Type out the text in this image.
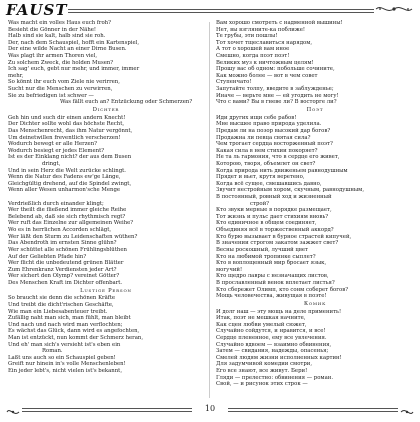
FAUST
Was macht ein volles Haus euch froh?
Besieht die Gönner in der Nähe!
Halb sind sie kalt, halb sind sie roh.
Der, nach dem Schauspiel, hofft ein Kartenspiel,
Der eine wilde Nacht an einer Dirne Busen.
Was plagt ihr armen Thoren viel,
Zu solchem Zweck, die holden Musen?
Ich sag' euch, gebt nur mehr, und immer, immer
mehr,
So könnt ihr euch vom Ziele nie verirren,
Sucht nur die Menschen zu verwirren,
Sie zu befriedigen ist schwer —
Was fällt euch an? Entzückung oder Schmerzen?
Dichter
Geh hin und such dir einen andern Knecht!
Der Dichter sollte wohl das höchste Recht,
Das Menschenrecht, das ihm Natur vergönnt,
Um deinetwillen freventlich verscherzen!
Wodurch bewegt er alle Herzen?
Wodurch besiegt er jedes Element?
Ist es der Einklang nicht? der aus dem Busen
dringt,
Und in sein Herz die Welt zurücke schlingt.
Wenn die Natur des Fadens ew'ge Länge,
Gleichgültig drehend, auf die Spindel zwingt,
Wenn aller Wesen unharmon'sche Menge
Verdrießlich durch einander klingt;
Wer theilt die fließend immer gleiche Reihe
Belebend ab, daß sie sich rhythmisch regt?
Wer ruft das Einzelne zur allgemeinen Weihe?
Wo es in herrlichen Accorden schlägt,
Wer läßt den Sturm zu Leidenschaften wüthen?
Das Abendroth im ernsten Sinne glühn?
Wer schüttet alle schönen Frühlingsblüthen
Auf der Geliebten Pfade hin?
Wer flicht die unbedeutend grünen Blätter
Zum Ehrenkranz Verdiensten jeder Art?
Wer sichert den Olymp? vereinet Götter?
Des Menschen Kraft im Dichter offenbart.
Lustige Person
So braucht sie denn die schönen Kräfte
Und treibt die dicht'rischen Geschäfte,
Wie man ein Liebesabenteuer treibt.
Zufällig naht man sich, man fühlt, man bleibt
Und nach und nach wird man verflochten;
Es wächst das Glück, dann wird es angefochten,
Man ist entzückt, nun kommt der Schmerz heran,
Und eh' man sich's versieht ist's eben ein
Roman.
Laßt uns auch so ein Schauspiel geben!
Greift nur hinein in's volle Menschenleben!
Ein jeder lebt's, nicht vielen ist's bekannt,
Вам хорошо смотреть с надменной вышины!
Нет, вы взгляните-ка поближе!
Те грубы, эти пошлы!
Тот хочет тщеславиться нарядом,
А тот о хорошей вам иное
Смешно, когда поэт поэт!
Великих муз к ничтожным целям!
Прошу вас об одном: побольше сочините,
Как можно более — вот в чем совет
Ступенчато!
Запутайте толпу, введите в заблужденье;
Иначе — верьте мне — ей угодить не могу!
Что с вами? Вы в гневе ли? В восторге ли?
Поэт
Иди других ищи себе рабов!
Мне высшее право природа уделила.
Предам ли на позор высокий дар богов?
Продажна ли певца святая сила?
Чем трогает сердца восторженный поэт?
Какая сила в нем стихии покоряет?
Не та ль гармония, что в сердце его живет,
Которою, творя, объемлет он свет?
Когда природа нить движеньем равнодушным
Прядет и вьет, крутя веретено,
Когда всё сущее, смешавшись давно,
Звучит нестройным хором, скучным, равнодушным,
В постоянный, ровный ход и жизненный
строй?
Кто звуки мерные в порядке размещает,
Тот жизнь и пульс дает стихиям вновь?
Кто единичное в общем соединяет,
Объединяя всё в торжественный аккорд?
Кто бурю вызывает в бурное страстей кипучей,
В значении строгом закатом зажжет свет?
Весны роскошный, лучший цвет
Кто на любимой тропинке сыплет?
Кто в воплощенный мир бросает язык,
могучий!
Кто щедро лавры с незначащих листов,
В прославленный венок вплетает листья?
Кто сбережет Олимп, кто сонм соберет богов?
Мощь человечества, живущая в поэте!
Комик
И долг наш — эту мощь на деле применить!
Итак, поэт не мешкая начните,
Как сцен любви умелый сюжет,
Случайно сойдутся, и нравится, и все!
Сердце плененное, ему все увлечения.
Случайно вдвоем — взаимно обвинения,
Затем — свидания, надежды, опасенья;
Смелей людям жизни исполненных картин!
Для задумчивой комедии смотри,
Его все знают, все живут. Бери!
Гляди — прелестно: обвинения — роман.
Свой, — и рисунок этих строк —
10
